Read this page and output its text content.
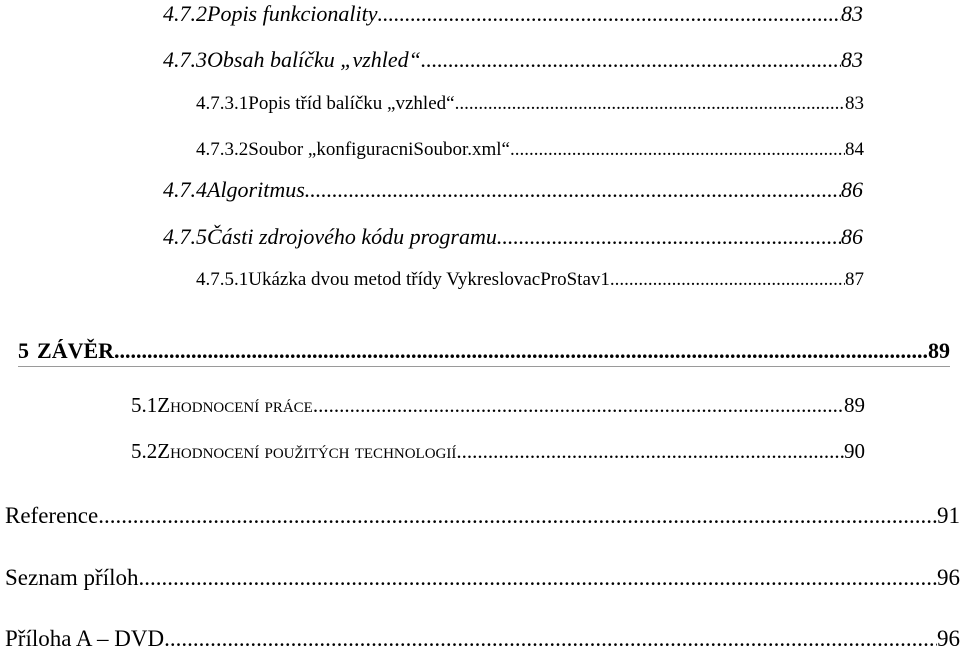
4.7.2 Popis funkcionality .....	83
4.7.3 Obsah balíčku „vzhled“ .....	83
4.7.3.1 Popis tříd balíčku „vzhled“ .....	83
4.7.3.2 Soubor „konfiguracniSoubor.xml“ .....	84
4.7.4 Algoritmus .....	86
4.7.5 Části zdrojového kódu programu .....	86
4.7.5.1 Ukázka dvou metod třídy VykreslovacProStav1 .....	87
5 ZÁVĚR .....	89
5.1 Zhodnocení práce .....	89
5.2 Zhodnocení použitých technologií .....	90
Reference .....	91
Seznam příloh .....	96
Příloha A – DVD .....	96
